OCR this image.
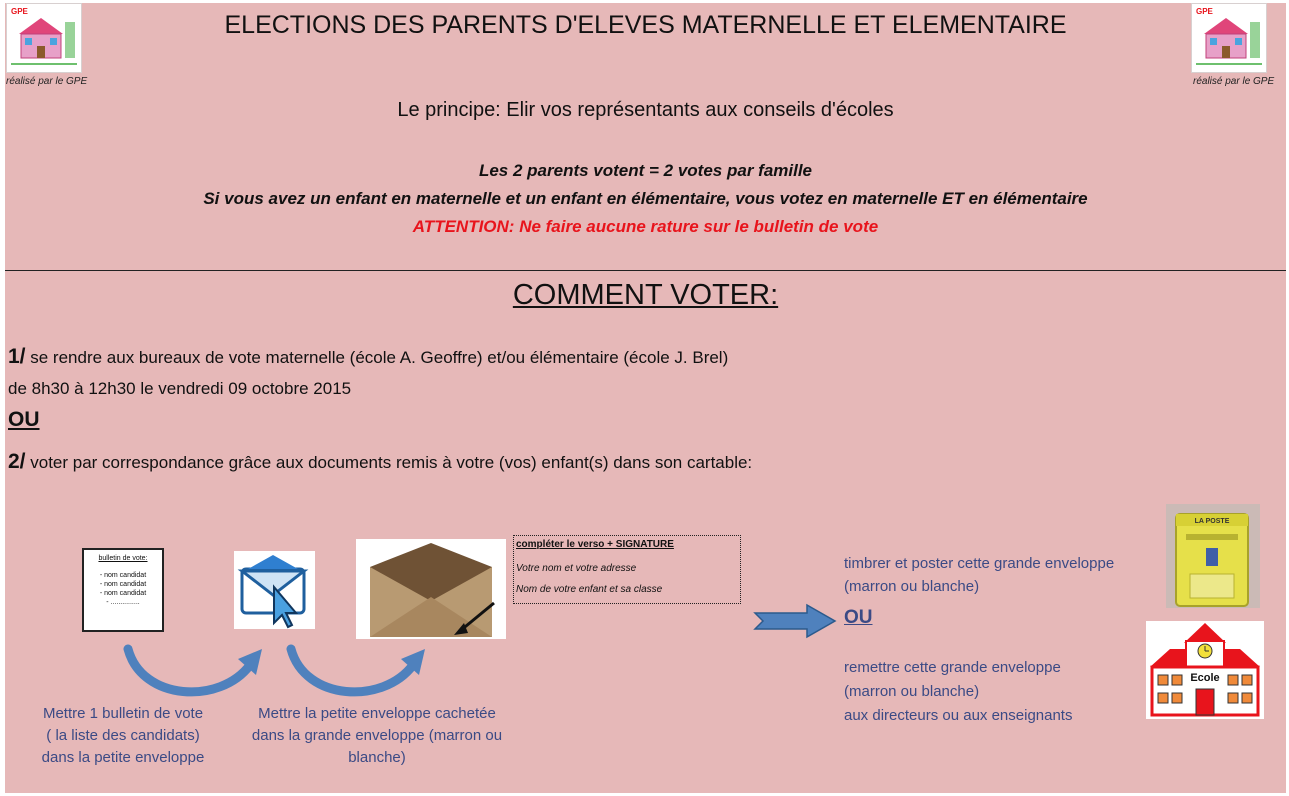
GPE
réalisé par le GPE
GPE
réalisé par le GPE
ELECTIONS DES PARENTS D'ELEVES MATERNELLE ET ELEMENTAIRE
Le principe: Elir vos représentants aux conseils d'écoles
Les 2 parents votent = 2 votes par famille
Si vous avez un enfant en maternelle et un enfant en élémentaire, vous votez en maternelle ET en élémentaire
ATTENTION: Ne faire aucune rature sur le bulletin de vote
COMMENT VOTER:
1/ se rendre aux bureaux de vote maternelle (école A. Geoffre) et/ou élémentaire (école J. Brel)
de 8h30 à 12h30 le vendredi 09 octobre 2015
OU
2/ voter par correspondance grâce aux documents remis à votre (vos) enfant(s) dans son cartable:
bulletin de vote:
- nom candidat
- nom candidat
- nom candidat
- ...............
compléter le verso + SIGNATURE
Votre nom et votre adresse
Nom de votre enfant et sa classe
Mettre 1 bulletin de vote
( la liste des candidats)
dans la petite enveloppe
Mettre la petite enveloppe cachetée
dans la grande enveloppe (marron ou
blanche)
timbrer et poster cette grande enveloppe
(marron ou blanche)
OU
remettre cette grande enveloppe
(marron ou blanche)
aux directeurs ou aux enseignants
LA POSTE
Ecole
